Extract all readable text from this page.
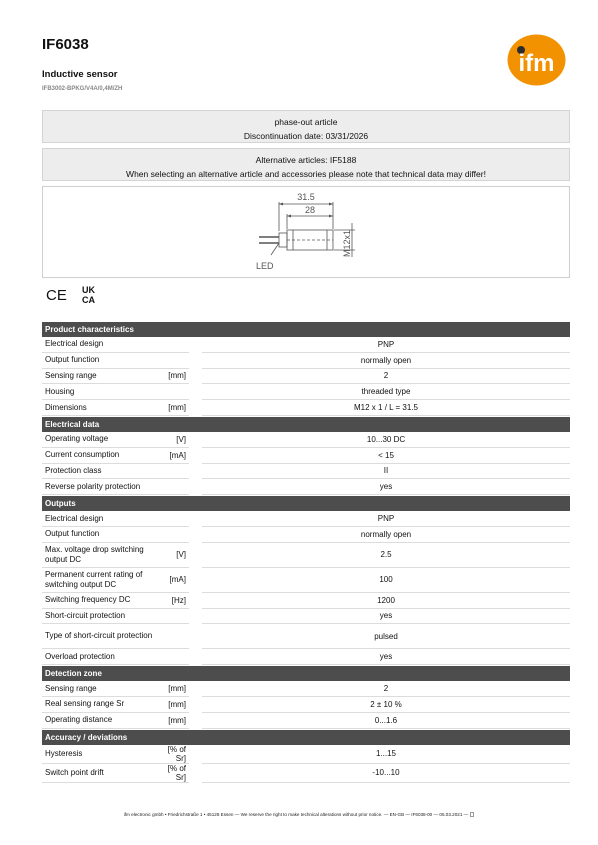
IF6038
Inductive sensor
IFB3002-BPKG/V4A/0,4M/ZH
ifm
phase-out article
Discontinuation date: 03/31/2026
Alternative articles: IF5188
When selecting an alternative article and accessories please note that technical data may differ!
31.5
28
M12x1
LED
CE UK
CA
Product characteristics
Electrical design	PNP
Output function	normally open
Sensing range	[mm]	2
Housing	threaded type
Dimensions	[mm]	M12 x 1 / L = 31.5
Electrical data
Operating voltage	[V]	10...30 DC
Current consumption	[mA]	< 15
Protection class	II
Reverse polarity protection	yes
Outputs
Electrical design	PNP
Output function	normally open
Max. voltage drop switching output DC	[V]	2.5
Permanent current rating of switching output DC	[mA]	100
Switching frequency DC	[Hz]	1200
Short-circuit protection	yes
Type of short-circuit protection	pulsed
Overload protection	yes
Detection zone
Sensing range	[mm]	2
Real sensing range Sr	[mm]	2 ± 10 %
Operating distance	[mm]	0...1.6
Accuracy / deviations
Hysteresis	[% of Sr]	1...15
Switch point drift	[% of Sr]	-10...10
ifm electronic gmbh • Friedrichstraße 1 • 45128 Essen — We reserve the right to make technical alterations without prior notice. — EN-GB — IF6038-00 — 05.03.2021 —
